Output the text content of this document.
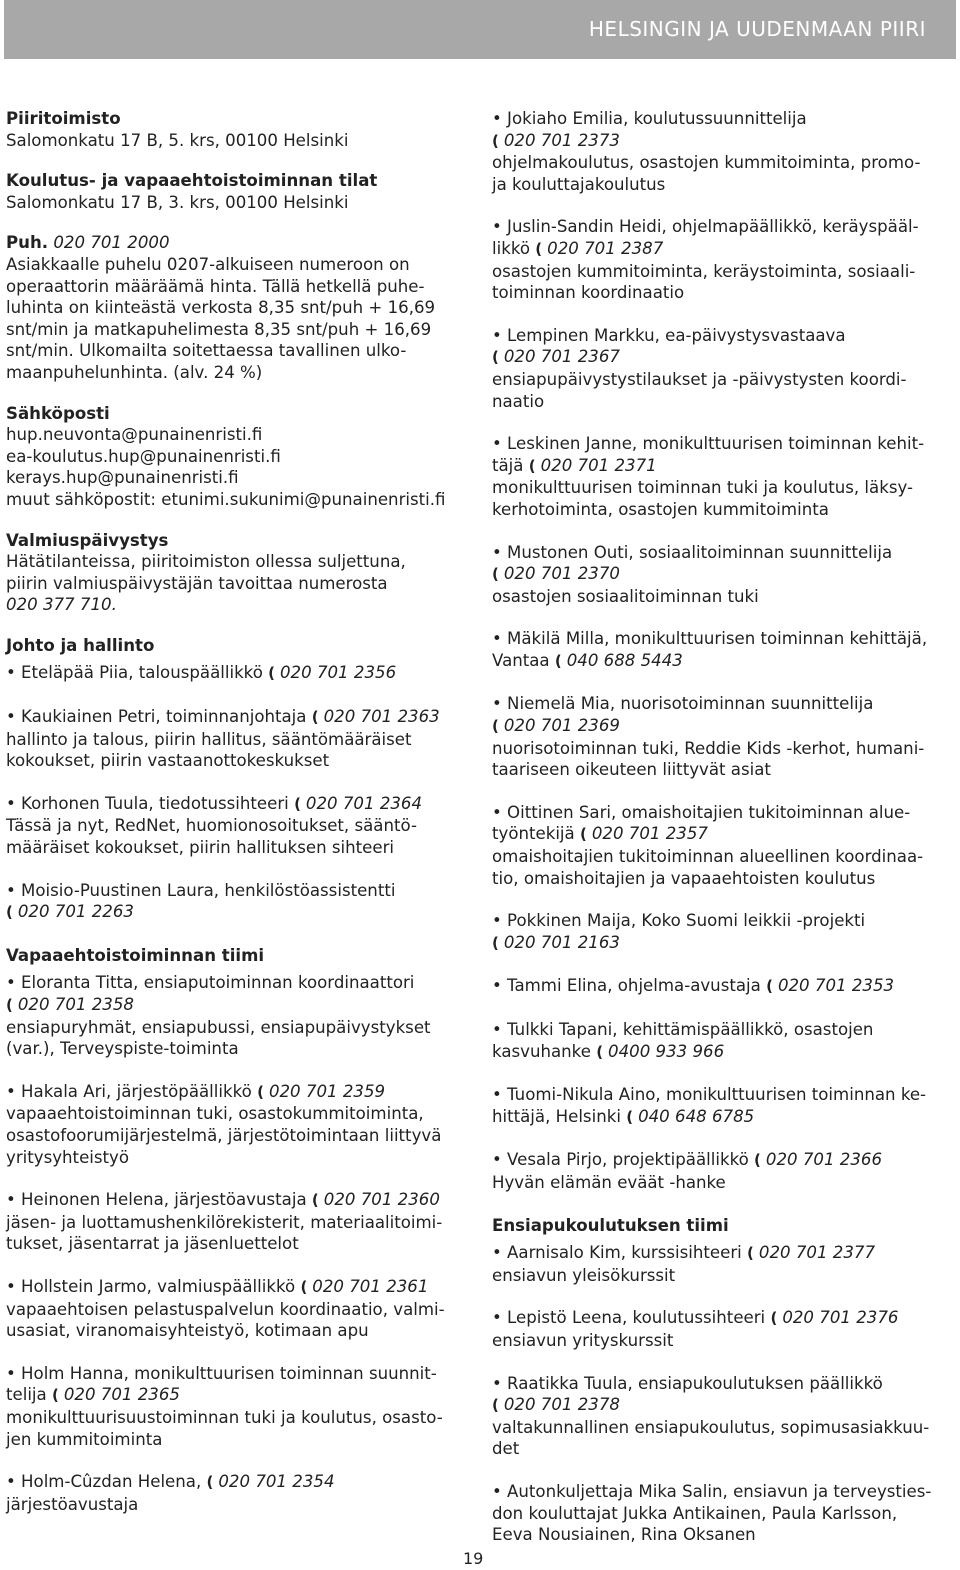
HELSINGIN JA UUDENMAAN PIIRI
Piiritoimisto
Salomonkatu 17 B, 5. krs, 00100 Helsinki
Koulutus- ja vapaaehtoistoiminnan tilat
Salomonkatu 17 B, 3. krs, 00100 Helsinki
Puh. 020 701 2000
Asiakkaalle puhelu 0207-alkuiseen numeroon on
operaattorin määräämä hinta. Tällä hetkellä puhe-
luhinta on kiinteästä verkosta 8,35 snt/puh + 16,69
snt/min ja matkapuhelimesta 8,35 snt/puh + 16,69
snt/min. Ulkomailta soitettaessa tavallinen ulko-
maanpuhelunhinta. (alv. 24 %)
Sähköposti
hup.neuvonta@punainenristi.fi
ea-koulutus.hup@punainenristi.fi
kerays.hup@punainenristi.fi
muut sähköpostit: etunimi.sukunimi@punainenristi.fi
Valmiuspäivystys
Hätätilanteissa, piiritoimiston ollessa suljettuna,
piirin valmiuspäivystäjän tavoittaa numerosta
020 377 710.
Johto ja hallinto
• Eteläpää Piia, talouspäällikkö ( 020 701 2356
• Kaukiainen Petri, toiminnanjohtaja ( 020 701 2363
hallinto ja talous, piirin hallitus, sääntömääräiset
kokoukset, piirin vastaanottokeskukset
• Korhonen Tuula, tiedotussihteeri ( 020 701 2364
Tässä ja nyt, RedNet, huomionosoitukset, sääntö-
määräiset kokoukset, piirin hallituksen sihteeri
• Moisio-Puustinen Laura, henkilöstöassistentti
( 020 701 2263
Vapaaehtoistoiminnan tiimi
• Eloranta Titta, ensiaputoiminnan koordinaattori
( 020 701 2358
ensiapuryhmät, ensiapubussi, ensiapupäivystykset
(var.), Terveyspiste-toiminta
• Hakala Ari, järjestöpäällikkö ( 020 701 2359
vapaaehtoistoiminnan tuki, osastokummitoiminta,
osastofoorumijärjestelmä, järjestötoimintaan liittyvä
yritysyhteistyö
• Heinonen Helena, järjestöavustaja ( 020 701 2360
jäsen- ja luottamushenkilörekisterit, materiaalitoimi-
tukset, jäsentarrat ja jäsenluettelot
• Hollstein Jarmo, valmiuspäällikkö ( 020 701 2361
vapaaehtoisen pelastuspalvelun koordinaatio, valmi-
usasiat, viranomaisyhteistyö, kotimaan apu
• Holm Hanna, monikulttuurisen toiminnan suunnit-
telija ( 020 701 2365
monikulttuurisuustoiminnan tuki ja koulutus, osasto-
jen kummitoiminta
• Holm-Cûzdan Helena, ( 020 701 2354
järjestöavustaja
• Jokiaho Emilia, koulutussuunnittelija
( 020 701 2373
ohjelmakoulutus, osastojen kummitoiminta, promo-
ja kouluttajakoulutus
• Juslin-Sandin Heidi, ohjelmapäällikkö, keräyspääl-
likkö ( 020 701 2387
osastojen kummitoiminta, keräystoiminta, sosiaali-
toiminnan koordinaatio
• Lempinen Markku, ea-päivystysvastaava
( 020 701 2367
ensiapupäivystystilaukset ja -päivystysten koordi-
naatio
• Leskinen Janne, monikulttuurisen toiminnan kehit-
täjä ( 020 701 2371
monikulttuurisen toiminnan tuki ja koulutus, läksy-
kerhotoiminta, osastojen kummitoiminta
• Mustonen Outi, sosiaalitoiminnan suunnittelija
( 020 701 2370
osastojen sosiaalitoiminnan tuki
• Mäkilä Milla, monikulttuurisen toiminnan kehittäjä,
Vantaa ( 040 688 5443
• Niemelä Mia, nuorisotoiminnan suunnittelija
( 020 701 2369
nuorisotoiminnan tuki, Reddie Kids -kerhot, humani-
taariseen oikeuteen liittyvät asiat
• Oittinen Sari, omaishoitajien tukitoiminnan alue-
työntekijä ( 020 701 2357
omaishoitajien tukitoiminnan alueellinen koordinaa-
tio, omaishoitajien ja vapaaehtoisten koulutus
• Pokkinen Maija, Koko Suomi leikkii -projekti
( 020 701 2163
• Tammi Elina, ohjelma-avustaja ( 020 701 2353
• Tulkki Tapani, kehittämispäällikkö, osastojen
kasvuhanke ( 0400 933 966
• Tuomi-Nikula Aino, monikulttuurisen toiminnan ke-
hittäjä, Helsinki ( 040 648 6785
• Vesala Pirjo, projektipäällikkö ( 020 701 2366
Hyvän elämän eväät -hanke
Ensiapukoulutuksen tiimi
• Aarnisalo Kim, kurssisihteeri ( 020 701 2377
ensiavun yleisökurssit
• Lepistö Leena, koulutussihteeri ( 020 701 2376
ensiavun yrityskurssit
• Raatikka Tuula, ensiapukoulutuksen päällikkö
( 020 701 2378
valtakunnallinen ensiapukoulutus, sopimusasiakkuu-
det
• Autonkuljettaja Mika Salin, ensiavun ja terveysties-
don kouluttajat Jukka Antikainen, Paula Karlsson,
Eeva Nousiainen, Rina Oksanen
19
